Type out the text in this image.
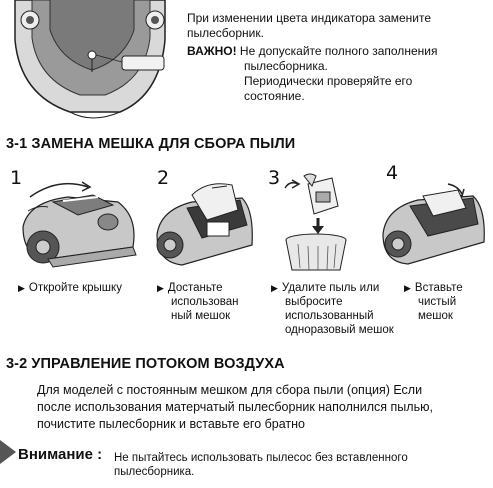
При изменении цвета индикатора замените
пылесборник.
ВАЖНО! Не допускайте полного заполнения
пылесборника.
Периодически проверяйте его
состояние.
3-1 ЗАМЕНА МЕШКА ДЛЯ СБОРА ПЫЛИ
1	2	3	4
▶ Откройте крышку	▶ Достаньте
использован
ный мешок
▶ Удалите пыль или
выбросите
использованный
одноразовый мешок
▶ Вставьте
чистый
мешок
3-2 УПРАВЛЕНИЕ ПОТОКОМ ВОЗДУХА
Для моделей с постоянным мешком для сбора пыли (опция) Если
после использования матерчатый пылесборник наполнился пылью,
почистите пылесборник и вставьте его братно
Внимание : Не пытайтесь использовать пылесос без вставленного
пылесборника.
